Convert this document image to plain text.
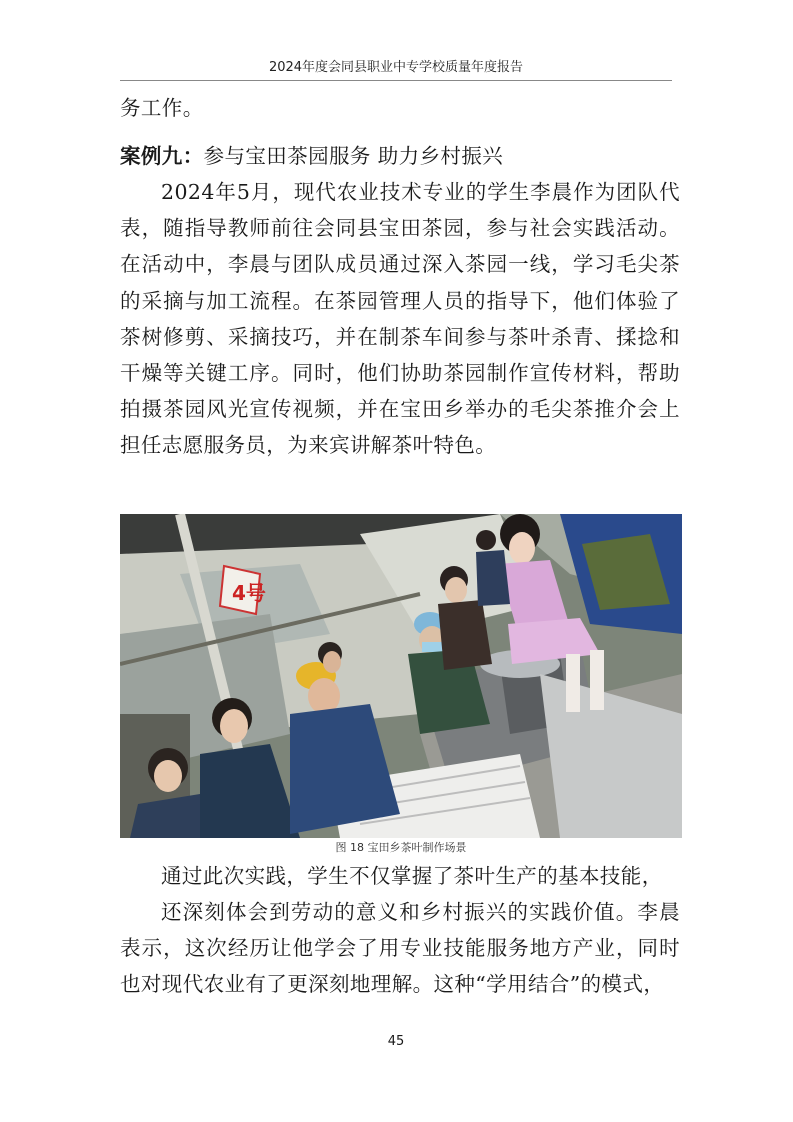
2024年度会同县职业中专学校质量年度报告

务工作。

案例九：参与宝田茶园服务 助力乡村振兴

2024年5月，现代农业技术专业的学生李晨作为团队代表，随指导教师前往会同县宝田茶园，参与社会实践活动。在活动中，李晨与团队成员通过深入茶园一线，学习毛尖茶的采摘与加工流程。在茶园管理人员的指导下，他们体验了茶树修剪、采摘技巧，并在制茶车间参与茶叶杀青、揉捻和干燥等关键工序。同时，他们协助茶园制作宣传材料，帮助拍摄茶园风光宣传视频，并在宝田乡举办的毛尖茶推介会上担任志愿服务员，为来宾讲解茶叶特色。

4号
图 18 宝田乡茶叶制作场景

通过此次实践，学生不仅掌握了茶叶生产的基本技能，

还深刻体会到劳动的意义和乡村振兴的实践价值。李晨表示，这次经历让他学会了用专业技能服务地方产业，同时也对现代农业有了更深刻地理解。这种“学用结合”的模式，

45
